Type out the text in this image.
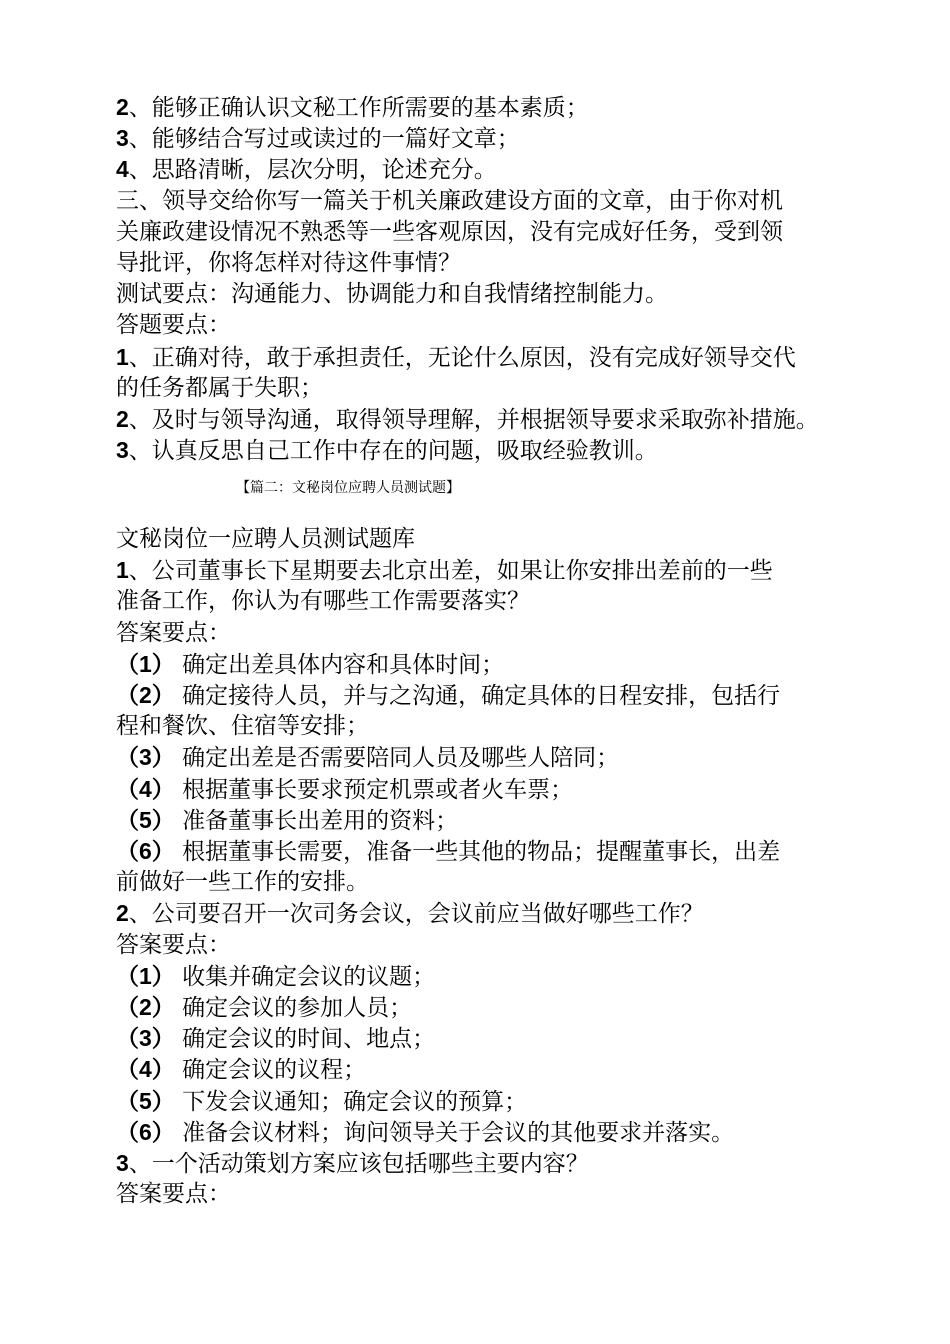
2、能够正确认识文秘工作所需要的基本素质；
3、能够结合写过或读过的一篇好文章；
4、思路清晰，层次分明，论述充分。
三、领导交给你写一篇关于机关廉政建设方面的文章，由于你对机
关廉政建设情况不熟悉等一些客观原因，没有完成好任务，受到领
导批评，你将怎样对待这件事情？
测试要点：沟通能力、协调能力和自我情绪控制能力。
答题要点：
1、正确对待，敢于承担责任，无论什么原因，没有完成好领导交代
的任务都属于失职；
2、及时与领导沟通，取得领导理解，并根据领导要求采取弥补措施。
3、认真反思自己工作中存在的问题，吸取经验教训。
【篇二：文秘岗位应聘人员测试题】
文秘岗位一应聘人员测试题库
1、公司董事长下星期要去北京出差，如果让你安排出差前的一些
准备工作，你认为有哪些工作需要落实？
答案要点：
（1） 确定出差具体内容和具体时间；
（2） 确定接待人员，并与之沟通，确定具体的日程安排，包括行
程和餐饮、住宿等安排；
（3） 确定出差是否需要陪同人员及哪些人陪同；
（4） 根据董事长要求预定机票或者火车票；
（5） 准备董事长出差用的资料；
（6） 根据董事长需要，准备一些其他的物品；提醒董事长，出差
前做好一些工作的安排。
2、公司要召开一次司务会议，会议前应当做好哪些工作？
答案要点：
（1） 收集并确定会议的议题；
（2） 确定会议的参加人员；
（3） 确定会议的时间、地点；
（4） 确定会议的议程；
（5） 下发会议通知；确定会议的预算；
（6） 准备会议材料；询问领导关于会议的其他要求并落实。
3、一个活动策划方案应该包括哪些主要内容？
答案要点：
